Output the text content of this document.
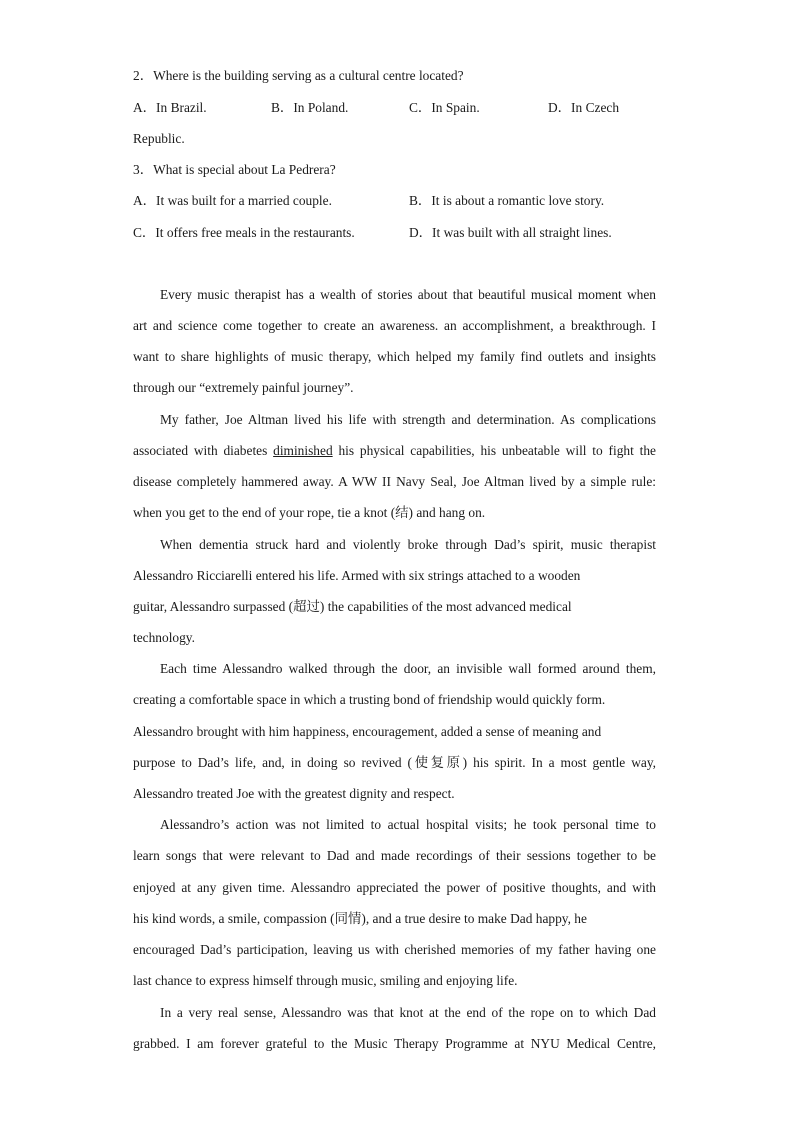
2．Where is the building serving as a cultural centre located?
A．In Brazil.	B．In Poland.	C．In Spain.	D．In Czech
Republic.
3．What is special about La Pedrera?
A．It was built for a married couple.	B．It is about a romantic love story.
C．It offers free meals in the restaurants.	D．It was built with all straight lines.
Every music therapist has a wealth of stories about that beautiful musical moment when
art and science come together to create an awareness. an accomplishment, a breakthrough. I
want to share highlights of music therapy, which helped my family find outlets and insights
through our “extremely painful journey”.
My father, Joe Altman lived his life with strength and determination. As complications
associated with diabetes diminished his physical capabilities, his unbeatable will to fight the
disease completely hammered away. A WW II Navy Seal, Joe Altman lived by a simple rule:
when you get to the end of your rope, tie a knot (结) and hang on.
When dementia struck hard and violently broke through Dad’s spirit, music therapist
Alessandro Ricciarelli entered his life. Armed with six strings attached to a wooden
guitar, Alessandro surpassed (超过) the capabilities of the most advanced medical
technology.
Each time Alessandro walked through the door, an invisible wall formed around them,
creating a comfortable space in which a trusting bond of friendship would quickly form.
Alessandro brought with him happiness, encouragement, added a sense of meaning and
purpose to Dad’s life, and, in doing so revived (使复原) his spirit. In a most gentle way,
Alessandro treated Joe with the greatest dignity and respect.
Alessandro’s action was not limited to actual hospital visits; he took personal time to
learn songs that were relevant to Dad and made recordings of their sessions together to be
enjoyed at any given time. Alessandro appreciated the power of positive thoughts, and with
his kind words, a smile, compassion (同情), and a true desire to make Dad happy, he
encouraged Dad’s participation, leaving us with cherished memories of my father having one
last chance to express himself through music, smiling and enjoying life.
In a very real sense, Alessandro was that knot at the end of the rope on to which Dad
grabbed. I am forever grateful to the Music Therapy Programme at NYU Medical Centre,
